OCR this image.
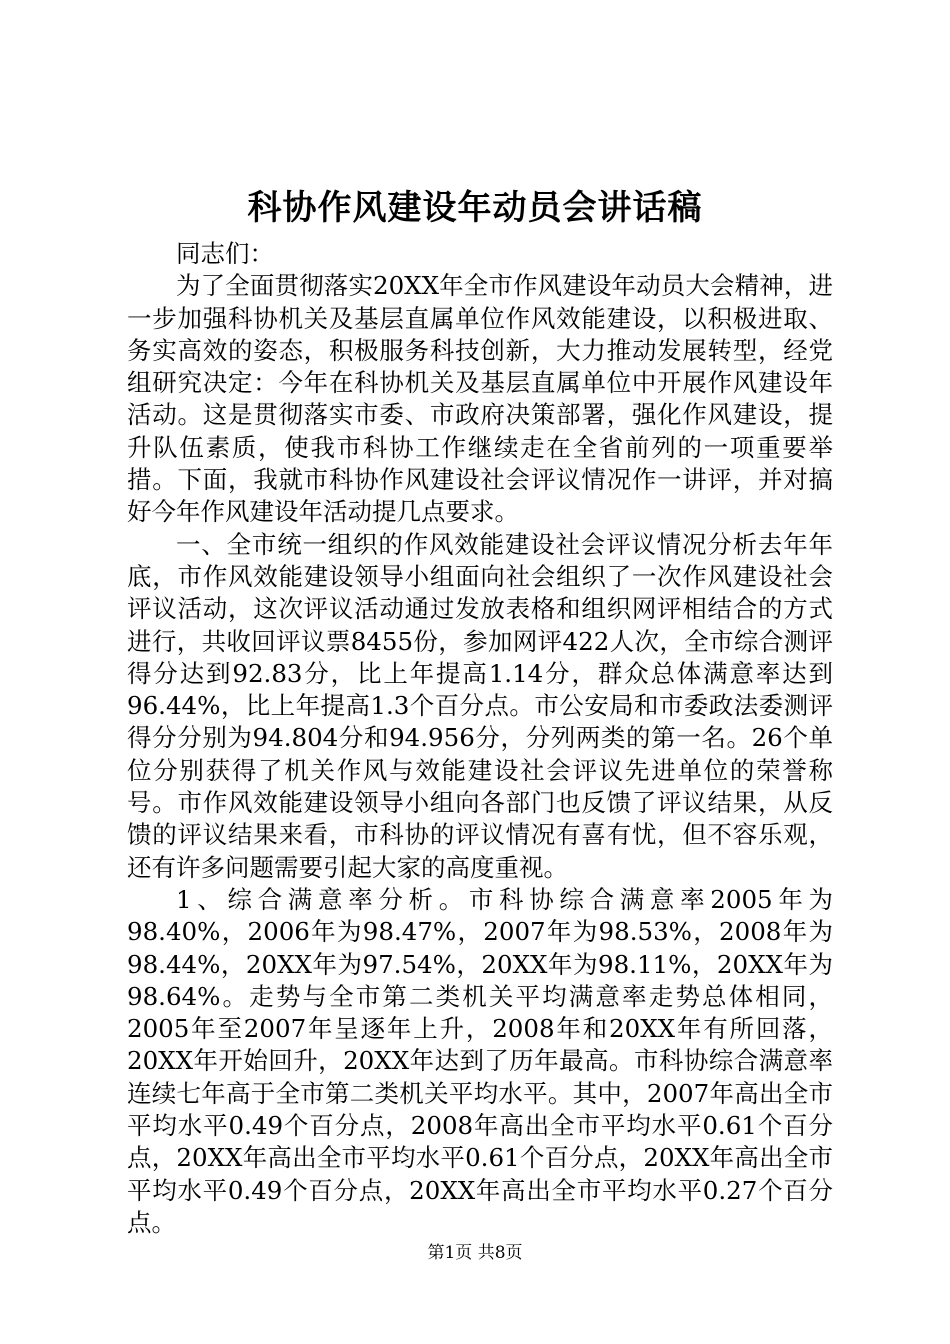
科协作风建设年动员会讲话稿

同志们：

为了全面贯彻落实20XX年全市作风建设年动员大会精神，进一步加强科协机关及基层直属单位作风效能建设，以积极进取、务实高效的姿态，积极服务科技创新，大力推动发展转型，经党组研究决定：今年在科协机关及基层直属单位中开展作风建设年活动。这是贯彻落实市委、市政府决策部署，强化作风建设，提升队伍素质，使我市科协工作继续走在全省前列的一项重要举措。下面，我就市科协作风建设社会评议情况作一讲评，并对搞好今年作风建设年活动提几点要求。

一、全市统一组织的作风效能建设社会评议情况分析去年年底，市作风效能建设领导小组面向社会组织了一次作风建设社会评议活动，这次评议活动通过发放表格和组织网评相结合的方式进行，共收回评议票8455份，参加网评422人次，全市综合测评得分达到92.83分，比上年提高1.14分，群众总体满意率达到96.44%，比上年提高1.3个百分点。市公安局和市委政法委测评得分分别为94.804分和94.956分，分列两类的第一名。26个单位分别获得了机关作风与效能建设社会评议先进单位的荣誉称号。市作风效能建设领导小组向各部门也反馈了评议结果，从反馈的评议结果来看，市科协的评议情况有喜有忧，但不容乐观，还有许多问题需要引起大家的高度重视。

1、综合满意率分析。市科协综合满意率2005年为98.40%，2006年为98.47%，2007年为98.53%，2008年为98.44%，20XX年为97.54%，20XX年为98.11%，20XX年为98.64%。走势与全市第二类机关平均满意率走势总体相同，2005年至2007年呈逐年上升，2008年和20XX年有所回落，20XX年开始回升，20XX年达到了历年最高。市科协综合满意率连续七年高于全市第二类机关平均水平。其中，2007年高出全市平均水平0.49个百分点，2008年高出全市平均水平0.61个百分点，20XX年高出全市平均水平0.61个百分点，20XX年高出全市平均水平0.49个百分点，20XX年高出全市平均水平0.27个百分点。

第1页 共8页
